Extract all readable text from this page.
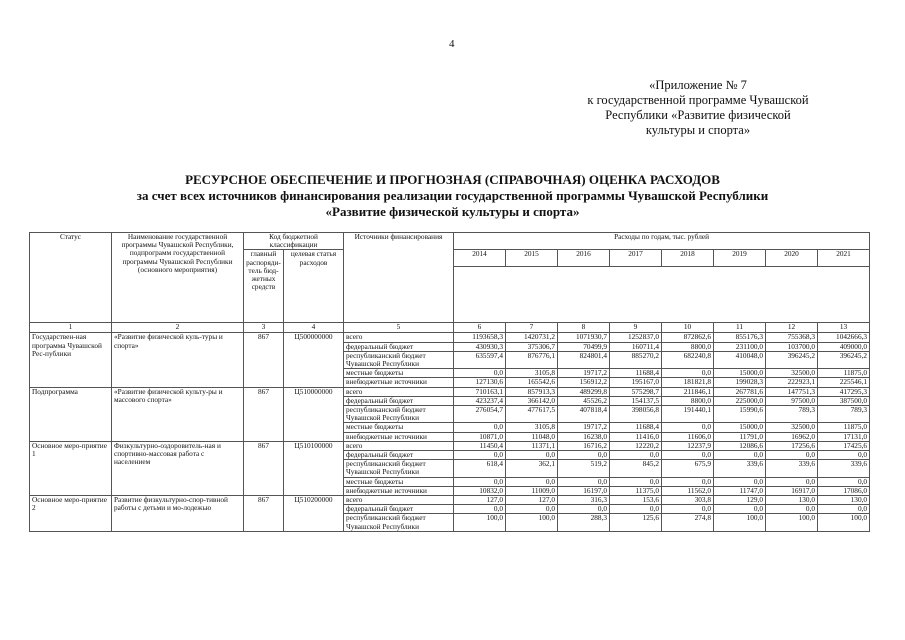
4
«Приложение № 7
к государственной программе Чувашской
Республики «Развитие физической
культуры и спорта»
РЕСУРСНОЕ ОБЕСПЕЧЕНИЕ И ПРОГНОЗНАЯ (СПРАВОЧНАЯ) ОЦЕНКА РАСХОДОВ
за счет всех источников финансирования реализации государственной программы Чувашской Республики
«Развитие физической культуры и спорта»
Статус	Наименование государственной программы Чувашской Республики, подпрограмм государственной программы Чувашской Республики (основного мероприятия)	Код бюджетной классификации		Источники финансирования	Расходы по годам, тыс. рублей							
		главный распоряди-тель бюд-жетных средств	целевая статья расходов		2014	2015	2016	2017	2018	2019	2020	2021

1	2	3	4	5	6	7	8	9	10	11	12	13
Государствен-ная программа Чувашской Рес-публики	«Развитие физической куль-туры и спорта»	867	Ц500000000	всего	1193658,3	1420731,2	1071930,7	1252837,0	872862,6	855176,3	755368,3	1042666,3
				федеральный бюджет	430930,3	375306,7	70499,9	160711,4	8800,0	231100,0	103700,0	409000,0
				республиканский бюджет Чувашской Республики	635597,4	876776,1	824801,4	885270,2	682240,8	410048,0	396245,2	396245,2
				местные бюджеты	0,0	3105,8	19717,2	11688,4	0,0	15000,0	32500,0	11875,0
				внебюджетные источники	127130,6	165542,6	156912,2	195167,0	181821,8	199028,3	222923,1	225546,1
Подпрограмма	«Развитие физической культу-ры и массового спорта»	867	Ц510000000	всего	710163,1	857913,3	489299,8	575298,7	211846,1	267781,6	147751,3	417295,3
				федеральный бюджет	423237,4	366142,0	45526,2	154137,5	8800,0	225000,0	97500,0	387500,0
				республиканский бюджет Чувашской Республики	276054,7	477617,5	407818,4	398056,8	191440,1	15990,6	789,3	789,3
				местные бюджеты	0,0	3105,8	19717,2	11688,4	0,0	15000,0	32500,0	11875,0
				внебюджетные источники	10871,0	11048,0	16238,0	11416,0	11606,0	11791,0	16962,0	17131,0
Основное меро-приятие 1	Физкультурно-оздоровитель-ная и спортивно-массовая работа с населением	867	Ц510100000	всего	11450,4	11371,1	16716,2	12220,2	12237,9	12086,6	17256,6	17425,6
				федеральный бюджет	0,0	0,0	0,0	0,0	0,0	0,0	0,0	0,0
				республиканский бюджет Чувашской Республики	618,4	362,1	519,2	845,2	675,9	339,6	339,6	339,6
				местные бюджеты	0,0	0,0	0,0	0,0	0,0	0,0	0,0	0,0
				внебюджетные источники	10832,0	11009,0	16197,0	11375,0	11562,0	11747,0	16917,0	17086,0
Основное меро-приятие 2	Развитие физкультурно-спор-тивной работы с детьми и мо-лодежью	867	Ц510200000	всего	127,0	127,0	316,3	153,6	303,8	129,0	130,0	130,0
				федеральный бюджет	0,0	0,0	0,0	0,0	0,0	0,0	0,0	0,0
				республиканский бюджет Чувашской Республики	100,0	100,0	288,3	125,6	274,8	100,0	100,0	100,0
